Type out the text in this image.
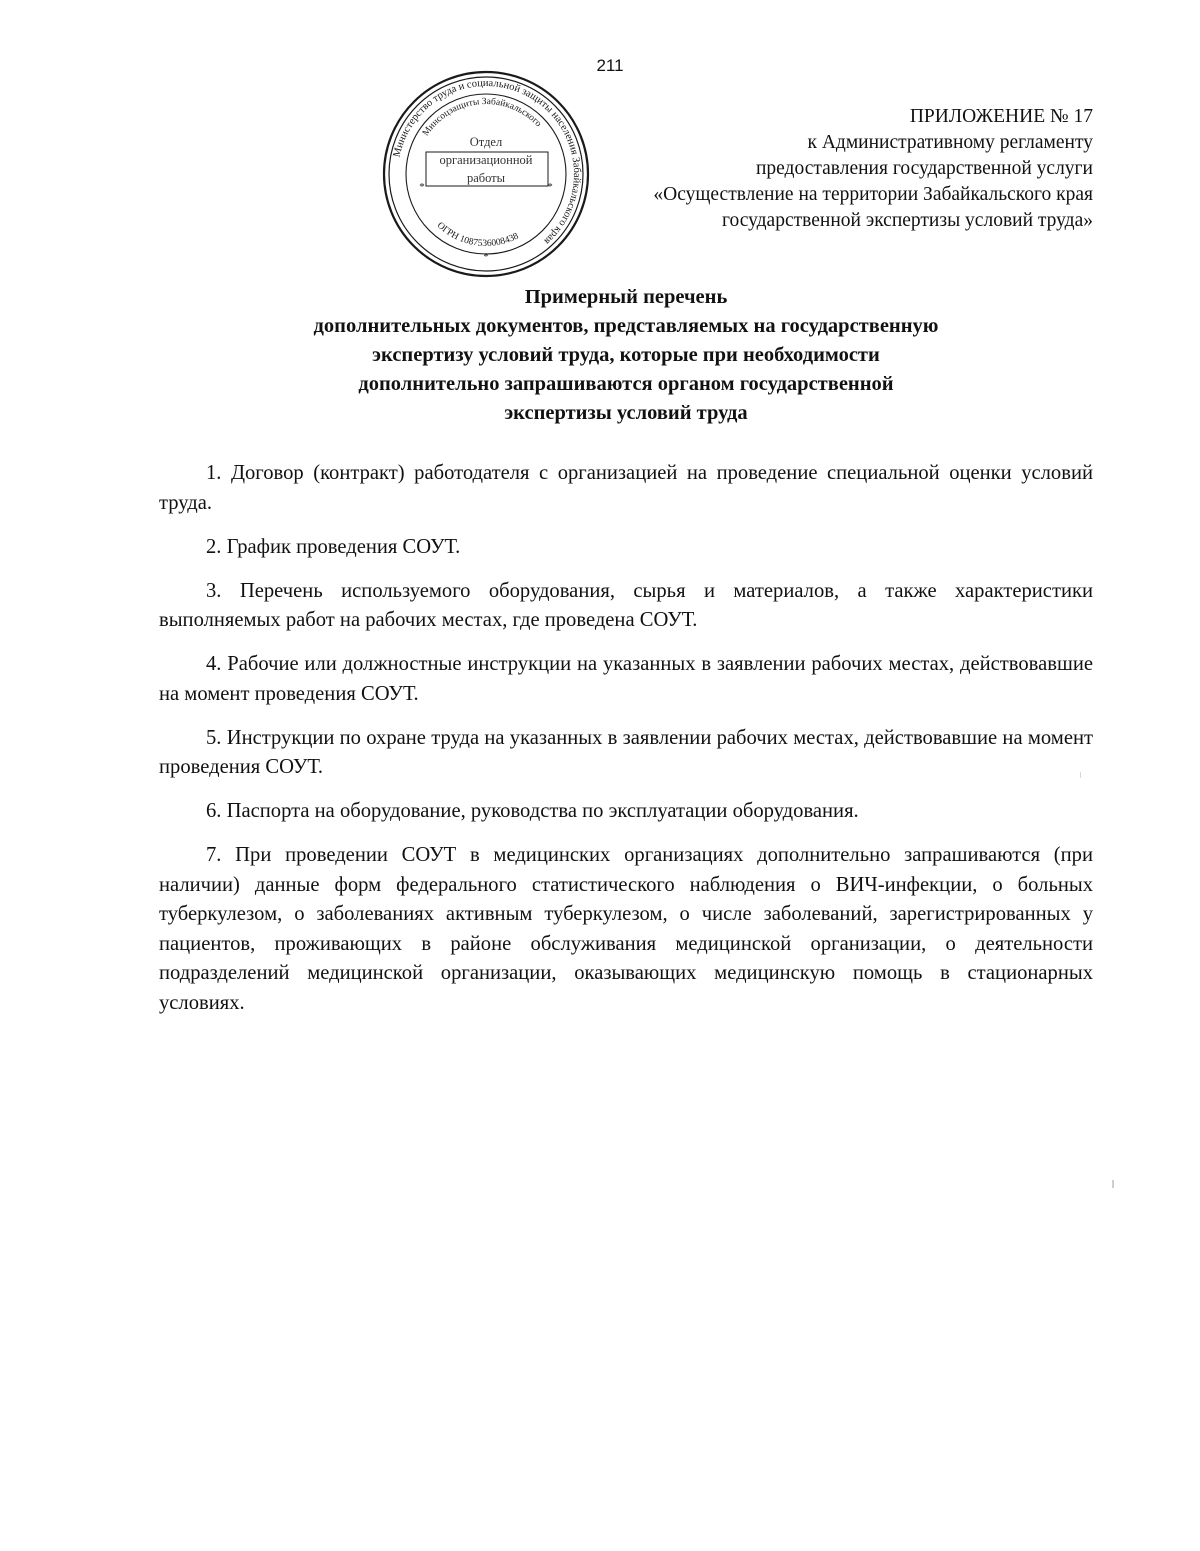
211
Министерство труда и социальной защиты населения Забайкальского края
Минсоцзащиты Забайкальского
ОГРН 1087536008438
Отдел
организационной
работы
*	*
*
ПРИЛОЖЕНИЕ № 17
к Административному регламенту
предоставления государственной услуги
«Осуществление на территории Забайкальского края
государственной экспертизы условий труда»
Примерный перечень
дополнительных документов, представляемых на государственную
экспертизу условий труда, которые при необходимости
дополнительно запрашиваются органом государственной
экспертизы условий труда

1. Договор (контракт) работодателя с организацией на проведение специальной оценки условий труда.

2. График проведения СОУТ.

3. Перечень используемого оборудования, сырья и материалов, а также характеристики выполняемых работ на рабочих местах, где проведена СОУТ.

4. Рабочие или должностные инструкции на указанных в заявлении рабочих местах, действовавшие на момент проведения СОУТ.

5. Инструкции по охране труда на указанных в заявлении рабочих местах, действовавшие на момент проведения СОУТ.

6. Паспорта на оборудование, руководства по эксплуатации оборудования.

7. При проведении СОУТ в медицинских организациях дополнительно запрашиваются (при наличии) данные форм федерального статистического наблюдения о ВИЧ-инфекции, о больных туберкулезом, о заболеваниях активным туберкулезом, о числе заболеваний, зарегистрированных у пациентов, проживающих в районе обслуживания медицинской организации, о деятельности подразделений медицинской организации, оказывающих медицинскую помощь в стационарных условиях.
